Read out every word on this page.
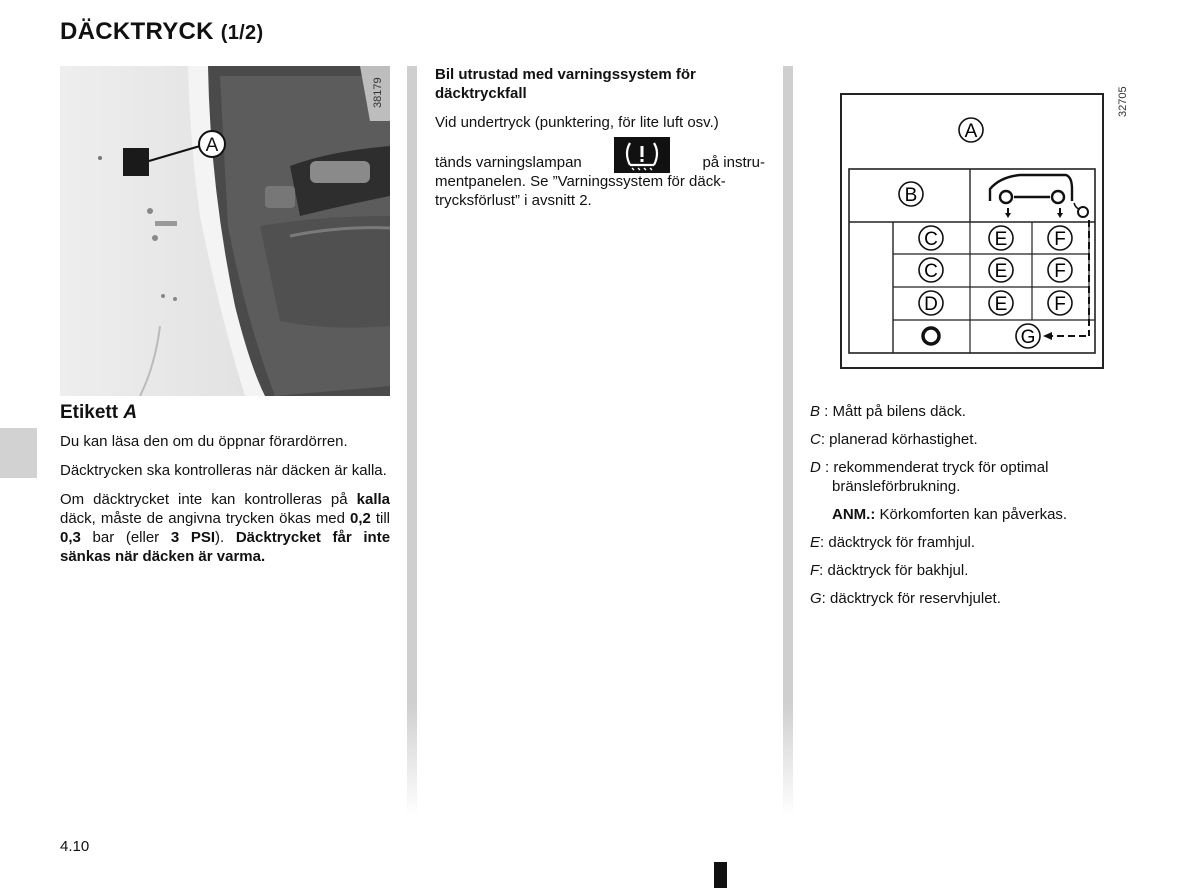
DÄCKTRYCK (1/2)
A
38179
Etikett A

Du kan läsa den om du öppnar förardörren.

Däcktrycken ska kontrolleras när däcken är kalla.

Om däcktrycket inte kan kontrolleras på kalla däck, måste de angivna trycken ökas med 0,2 till 0,3 bar (eller 3 PSI). Däcktrycket får inte sänkas när däcken är varma.

Bil utrustad med varningssystem för däcktryckfall
Vid undertryck (punktering, för lite luft osv.)
tänds varningslampan	på instru-
mentpanelen. Se ”Varningssystem för däck-
trycksförlust” i avsnitt 2.
A
B
C	E F
C	E F
D	E F
G
32705

B : Mått på bilens däck.

C: planerad körhastighet.

D : rekommenderat tryck för optimal bränsleförbrukning.

ANM.: Körkomforten kan påverkas.

E: däcktryck för framhjul.

F: däcktryck för bakhjul.

G: däcktryck för reservhjulet.

4.10
